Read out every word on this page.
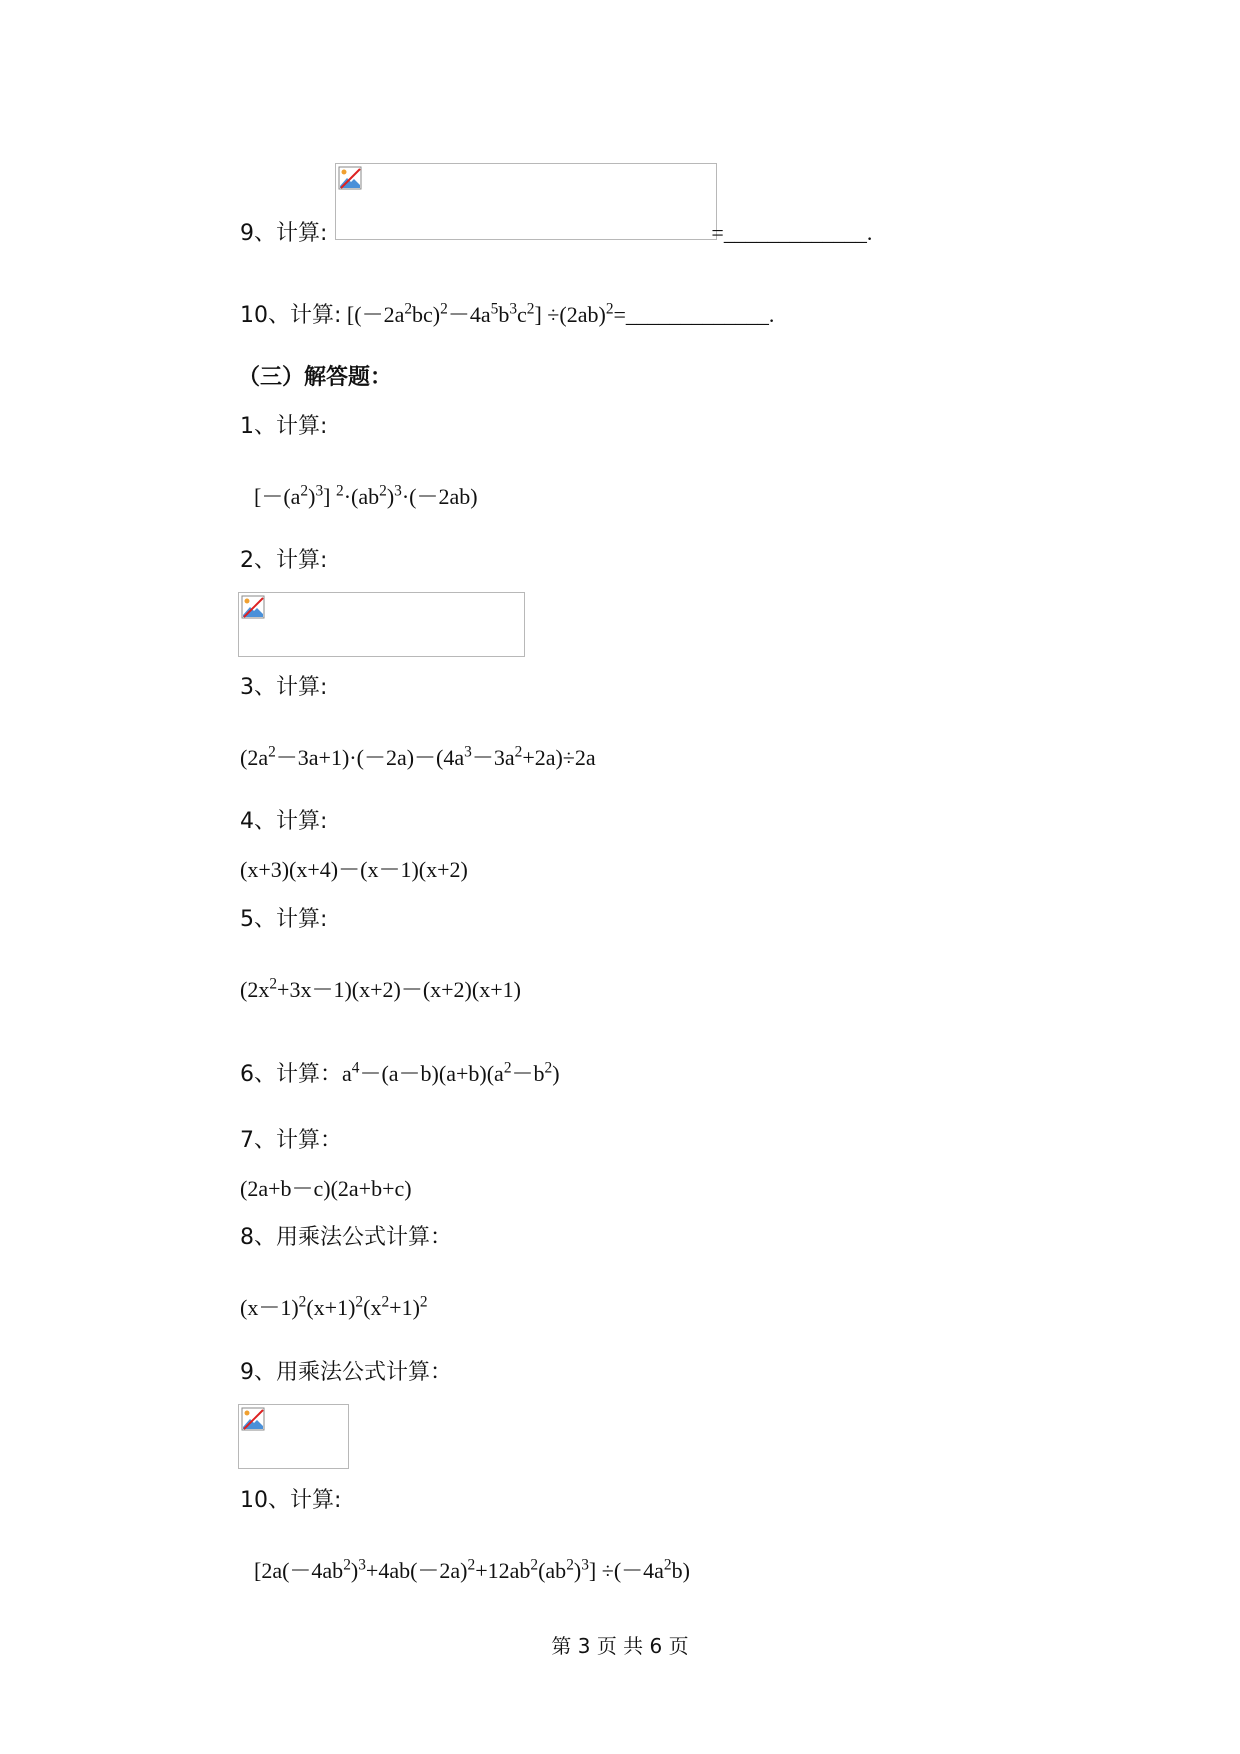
9、计算:	=_____________.
10、计算: $[(-2a^2bc)^2-4a^5b^3c^2]$ $\div(2ab)^2=\_\_\_\_\_\_\_\_\_\_\_\_\_$.
（三）解答题：
1、计算:
$[-(a^2)^3]$ $^2\cdot(ab^2)^3\cdot(-2ab)$
2、计算:
3、计算:
$(2a^2-3a+1)\cdot(-2a)-(4a^3-3a^2+2a)\div 2a$
4、计算:
(x+3)(x+4)－(x－1)(x+2)
5、计算:
$(2x^2+3x-1)(x+2)-(x+2)(x+1)$
6、计算：$a^4-(a-b)(a+b)(a^2-b^2)$
7、计算：
(2a+b－c)(2a+b+c)
8、用乘法公式计算：
$(x-1)^2(x+1)^2(x^2+1)^2$
9、用乘法公式计算：
10、计算:
$[2a(-4ab^2)^3+4ab(-2a)^2+12ab^2(ab^2)^3] \div(-4a^2b)$
第 3 页 共 6 页
